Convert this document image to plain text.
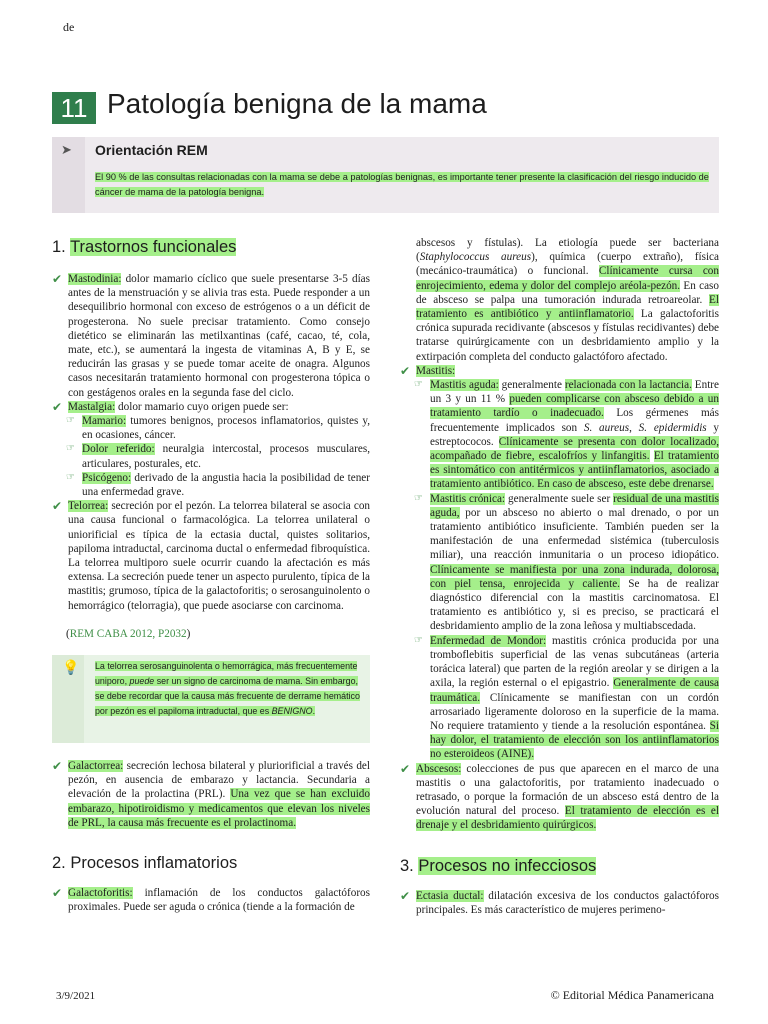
de
11 Patología benigna de la mama
➤ Orientación REM
El 90 % de las consultas relacionadas con la mama se debe a patologías benignas, es importante tener presente la clasificación del riesgo inducido de cáncer de mama de la patología benigna.
1. Trastornos funcionales

✔ Mastodinia: dolor mamario cíclico que suele presentarse 3-5 días antes de la menstruación y se alivia tras esta. Puede responder a un desequilibrio hormonal con exceso de estrógenos o a un déficit de progesterona. No suele precisar tratamiento. Como consejo dietético se eliminarán las metilxantinas (café, cacao, té, cola, mate, etc.), se aumentará la ingesta de vitaminas A, B y E, se reducirán las grasas y se puede tomar aceite de onagra. Algunos casos necesitarán tratamiento hormonal con progesterona tópica o con gestágenos orales en la segunda fase del ciclo.

✔ Mastalgia: dolor mamario cuyo origen puede ser:

☞ Mamario: tumores benignos, procesos inflamatorios, quistes y, en ocasiones, cáncer.

☞ Dolor referido: neuralgia intercostal, procesos musculares, articulares, posturales, etc.

☞ Psicógeno: derivado de la angustia hacia la posibilidad de tener una enfermedad grave.

✔ Telorrea: secreción por el pezón. La telorrea bilateral se asocia con una causa funcional o farmacológica. La telorrea unilateral o uniorificial es típica de la ectasia ductal, quistes solitarios, papiloma intraductal, carcinoma ductal o enfermedad fibroquística. La telorrea multiporo suele ocurrir cuando la afectación es más extensa. La secreción puede tener un aspecto purulento, típica de la mastitis; grumoso, típica de la galactoforitis; o serosanguinolento o hemorrágico (telorragia), que puede asociarse con carcinoma.

(REM CABA 2012, P2032)

💡 La telorrea serosanguinolenta o hemorrágica, más frecuentemente uniporo, puede ser un signo de carcinoma de mama. Sin embargo, se debe recordar que la causa más frecuente de derrame hemático por pezón es el papiloma intraductal, que es BENIGNO.

✔ Galactorrea: secreción lechosa bilateral y pluriorificial a través del pezón, en ausencia de embarazo y lactancia. Secundaria a elevación de la prolactina (PRL). Una vez que se han excluido embarazo, hipotiroidismo y medicamentos que elevan los niveles de PRL, la causa más frecuente es el prolactinoma.

2. Procesos inflamatorios

✔ Galactoforitis: inflamación de los conductos galactóforos proximales. Puede ser aguda o crónica (tiende a la formación de

abscesos y fístulas). La etiología puede ser bacteriana (Staphylococcus aureus), química (cuerpo extraño), física (mecánico-traumática) o funcional. Clínicamente cursa con enrojecimiento, edema y dolor del complejo aréola-pezón. En caso de absceso se palpa una tumoración indurada retroareolar. El tratamiento es antibiótico y antiinflamatorio. La galactoforitis crónica supurada recidivante (abscesos y fístulas recidivantes) debe tratarse quirúrgicamente con un desbridamiento amplio y la extirpación completa del conducto galactóforo afectado.

✔ Mastitis:

☞ Mastitis aguda: generalmente relacionada con la lactancia. Entre un 3 y un 11 % pueden complicarse con absceso debido a un tratamiento tardío o inadecuado. Los gérmenes más frecuentemente implicados son S. aureus, S. epidermidis y estreptococos. Clínicamente se presenta con dolor localizado, acompañado de fiebre, escalofríos y linfangitis. El tratamiento es sintomático con antitérmicos y antiinflamatorios, asociado a tratamiento antibiótico. En caso de absceso, este debe drenarse.

☞ Mastitis crónica: generalmente suele ser residual de una mastitis aguda, por un absceso no abierto o mal drenado, o por un tratamiento antibiótico insuficiente. También pueden ser la manifestación de una enfermedad sistémica (tuberculosis miliar), una reacción inmunitaria o un proceso idiopático. Clínicamente se manifiesta por una zona indurada, dolorosa, con piel tensa, enrojecida y caliente. Se ha de realizar diagnóstico diferencial con la mastitis carcinomatosa. El tratamiento es antibiótico y, si es preciso, se practicará el desbridamiento amplio de la zona leñosa y multiabscedada.

☞ Enfermedad de Mondor: mastitis crónica producida por una tromboflebitis superficial de las venas subcutáneas (arteria torácica lateral) que parten de la región areolar y se dirigen a la axila, la región esternal o el epigastrio. Generalmente de causa traumática. Clínicamente se manifiestan con un cordón arrosariado ligeramente doloroso en la superficie de la mama. No requiere tratamiento y tiende a la resolución espontánea. Si hay dolor, el tratamiento de elección son los antiinflamatorios no esteroideos (AINE).

✔ Abscesos: colecciones de pus que aparecen en el marco de una mastitis o una galactoforitis, por tratamiento inadecuado o retrasado, o porque la formación de un absceso está dentro de la evolución natural del proceso. El tratamiento de elección es el drenaje y el desbridamiento quirúrgicos.

3. Procesos no infecciosos

✔ Ectasia ductal: dilatación excesiva de los conductos galactóforos principales. Es más característico de mujeres perimeno-

3/9/2021	© Editorial Médica Panamericana
